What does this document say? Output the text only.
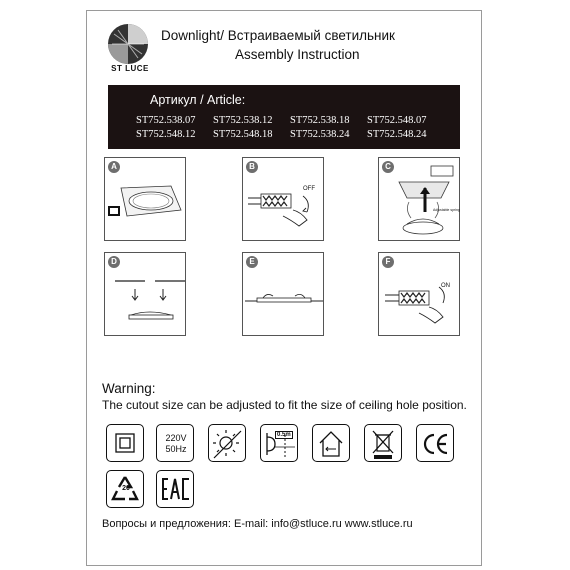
ST LUCE
Downlight/ Встраиваемый светильник
Assembly Instruction
Артикул / Article:
ST752.538.07	ST752.538.12	ST752.538.18	ST752.548.07
ST752.548.12	ST752.548.18	ST752.538.24	ST752.548.24
A	B
OFF
C
Adjustable spring
D	E	F
ON
Warning:
The cutout size can be adjusted to fit the size of ceiling hole position.
220V
50Hz
0.5m
20
Вопросы и предложения: E-mail: info@stluce.ru www.stluce.ru
